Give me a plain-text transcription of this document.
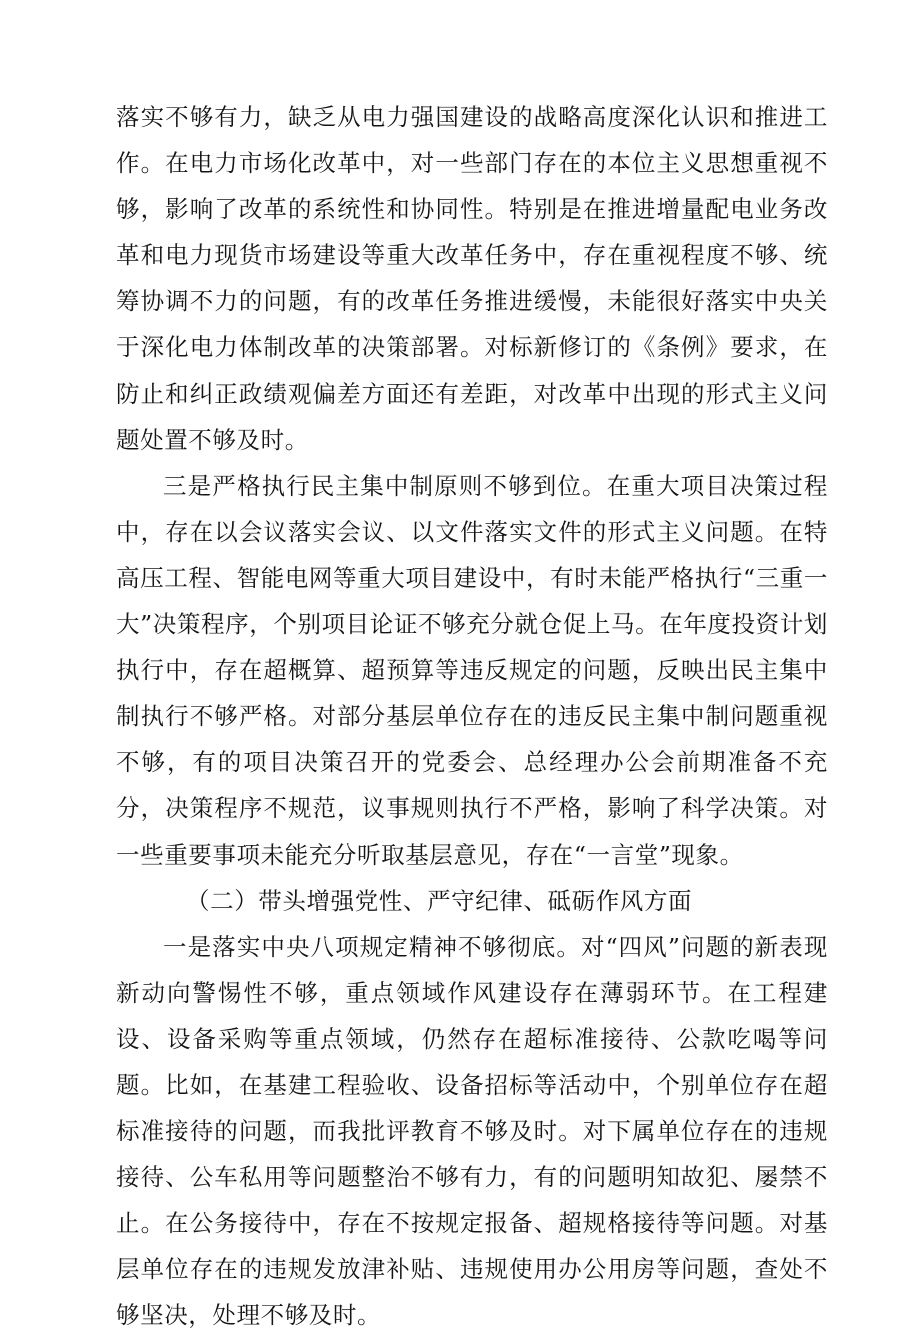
落实不够有力，缺乏从电力强国建设的战略高度深化认识和推进工作。在电力市场化改革中，对一些部门存在的本位主义思想重视不够，影响了改革的系统性和协同性。特别是在推进增量配电业务改革和电力现货市场建设等重大改革任务中，存在重视程度不够、统筹协调不力的问题，有的改革任务推进缓慢，未能很好落实中央关于深化电力体制改革的决策部署。对标新修订的《条例》要求，在防止和纠正政绩观偏差方面还有差距，对改革中出现的形式主义问题处置不够及时。

三是严格执行民主集中制原则不够到位。在重大项目决策过程中，存在以会议落实会议、以文件落实文件的形式主义问题。在特高压工程、智能电网等重大项目建设中，有时未能严格执行“三重一大”决策程序，个别项目论证不够充分就仓促上马。在年度投资计划执行中，存在超概算、超预算等违反规定的问题，反映出民主集中制执行不够严格。对部分基层单位存在的违反民主集中制问题重视不够，有的项目决策召开的党委会、总经理办公会前期准备不充分，决策程序不规范，议事规则执行不严格，影响了科学决策。对一些重要事项未能充分听取基层意见，存在“一言堂”现象。

（二）带头增强党性、严守纪律、砥砺作风方面

一是落实中央八项规定精神不够彻底。对“四风”问题的新表现新动向警惕性不够，重点领域作风建设存在薄弱环节。在工程建设、设备采购等重点领域，仍然存在超标准接待、公款吃喝等问题。比如，在基建工程验收、设备招标等活动中，个别单位存在超标准接待的问题，而我批评教育不够及时。对下属单位存在的违规接待、公车私用等问题整治不够有力，有的问题明知故犯、屡禁不止。在公务接待中，存在不按规定报备、超规格接待等问题。对基层单位存在的违规发放津补贴、违规使用办公用房等问题，查处不够坚决，处理不够及时。
